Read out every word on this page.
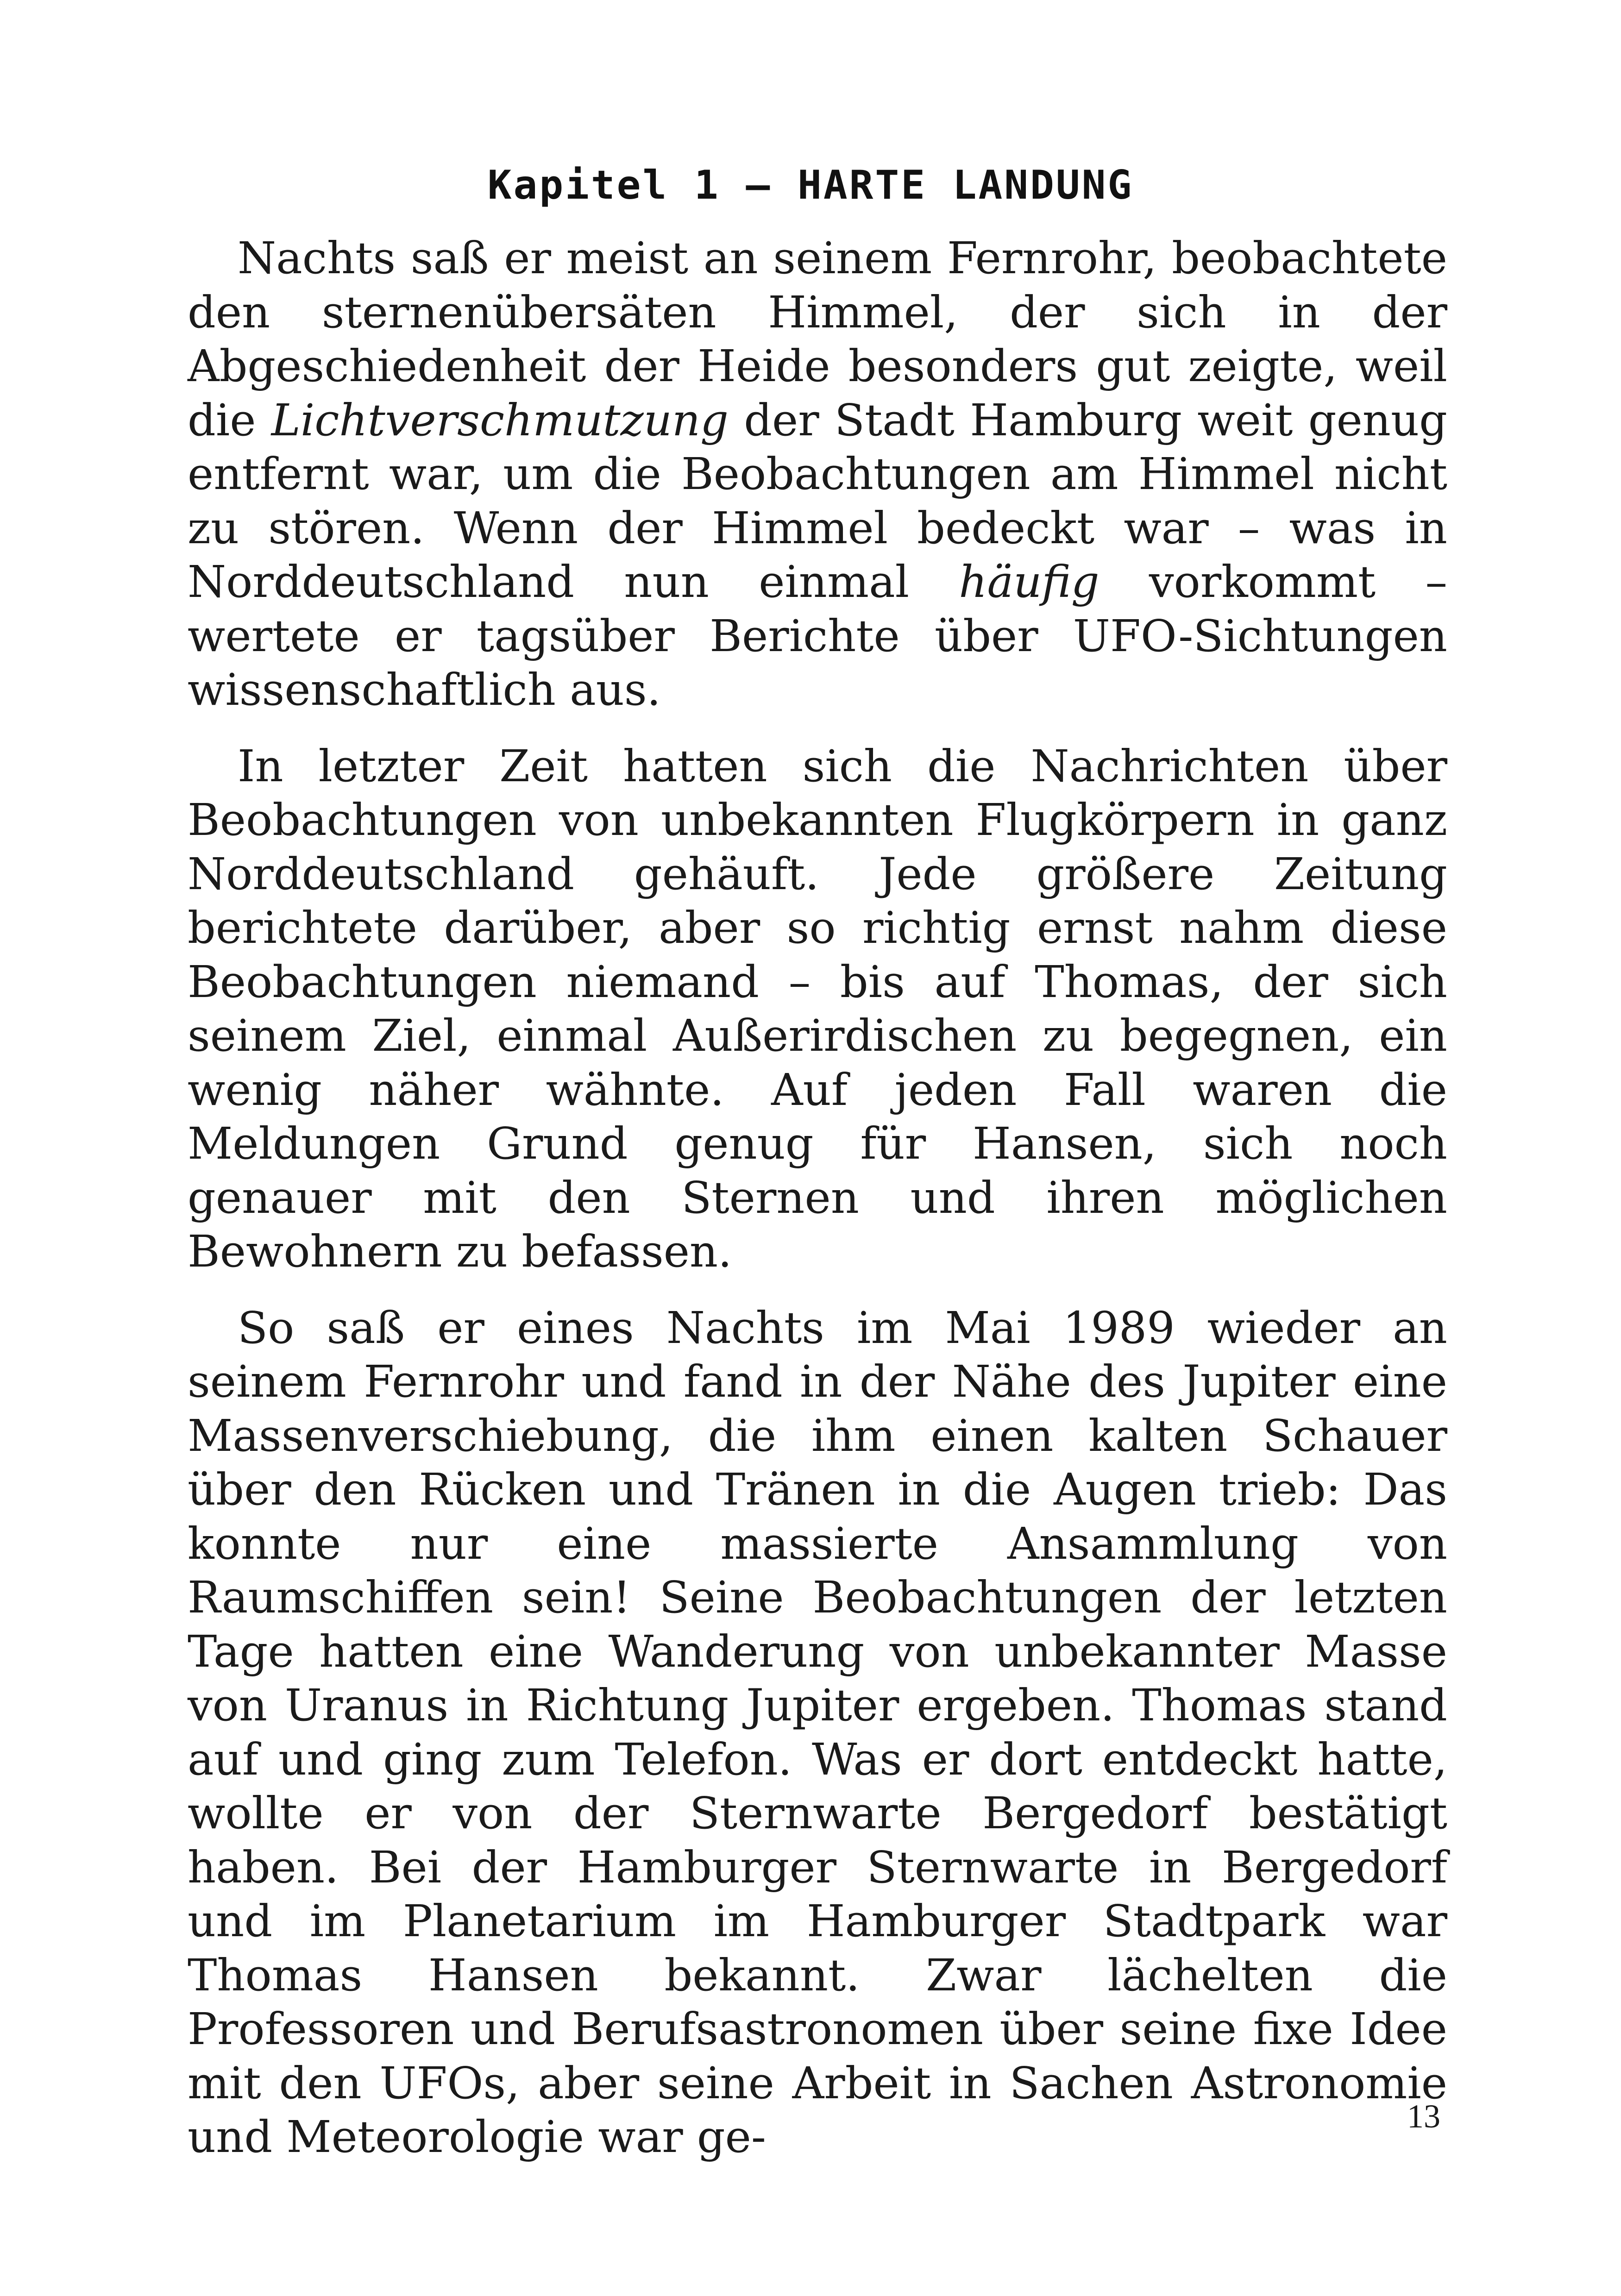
Kapitel 1 – HARTE LANDUNG

Nachts saß er meist an seinem Fernrohr, beobachtete den sternenübersäten Himmel, der sich in der Abgeschiedenheit der Heide besonders gut zeigte, weil die Lichtverschmutzung der Stadt Hamburg weit genug entfernt war, um die Beobachtungen am Himmel nicht zu stören. Wenn der Himmel bedeckt war – was in Norddeutschland nun einmal häufig vorkommt – wertete er tagsüber Berichte über UFO-Sichtungen wissenschaftlich aus.

In letzter Zeit hatten sich die Nachrichten über Beobachtungen von unbekannten Flugkörpern in ganz Norddeutschland gehäuft. Jede größere Zeitung berichtete darüber, aber so richtig ernst nahm diese Beobachtungen niemand – bis auf Thomas, der sich seinem Ziel, einmal Außerirdischen zu begegnen, ein wenig näher wähnte. Auf jeden Fall waren die Meldungen Grund genug für Hansen, sich noch genauer mit den Sternen und ihren möglichen Bewohnern zu befassen.

So saß er eines Nachts im Mai 1989 wieder an seinem Fernrohr und fand in der Nähe des Jupiter eine Massenverschiebung, die ihm einen kalten Schauer über den Rücken und Tränen in die Augen trieb: Das konnte nur eine massierte Ansammlung von Raumschiffen sein! Seine Beobachtungen der letzten Tage hatten eine Wanderung von unbekannter Masse von Uranus in Richtung Jupiter ergeben. Thomas stand auf und ging zum Telefon. Was er dort entdeckt hatte, wollte er von der Sternwarte Bergedorf bestätigt haben. Bei der Hamburger Sternwarte in Bergedorf und im Planetarium im Hamburger Stadtpark war Thomas Hansen bekannt. Zwar lächelten die Professoren und Berufsastronomen über seine fixe Idee mit den UFOs, aber seine Arbeit in Sachen Astronomie und Meteorologie war ge-	13
